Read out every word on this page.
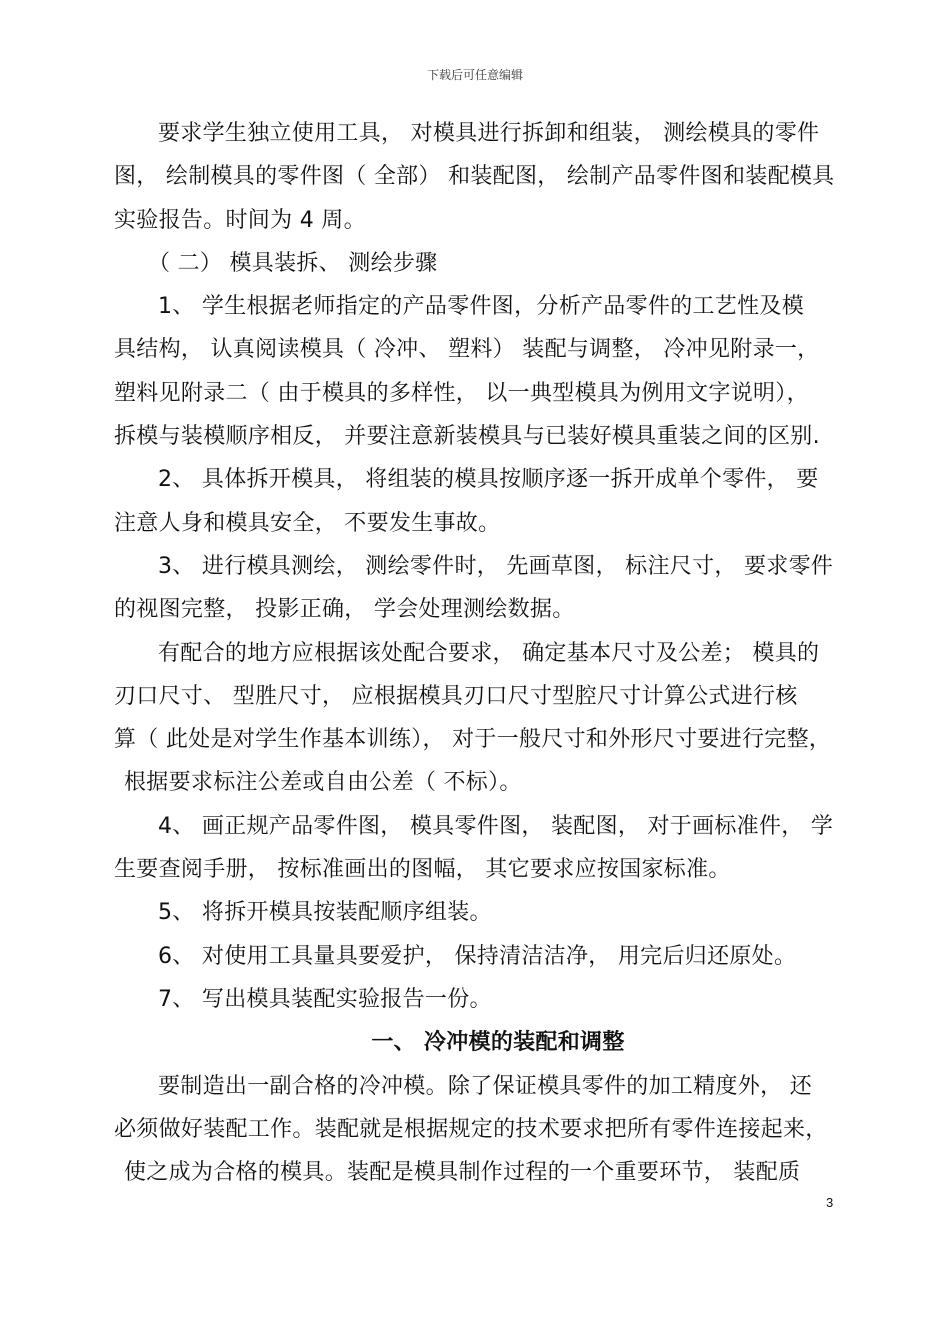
下载后可任意编辑

要求学生独立使用工具， 对模具进行拆卸和组装， 测绘模具的零件

图， 绘制模具的零件图（ 全部） 和装配图， 绘制产品零件图和装配模具

实验报告。时间为 4 周。

（ 二） 模具装拆、 测绘步骤

1、 学生根据老师指定的产品零件图，分析产品零件的工艺性及模

具结构， 认真阅读模具（ 冷冲、 塑料） 装配与调整， 冷冲见附录一，

塑料见附录二（ 由于模具的多样性， 以一典型模具为例用文字说明），

拆模与装模顺序相反， 并要注意新装模具与已装好模具重装之间的区别.

2、 具体拆开模具， 将组装的模具按顺序逐一拆开成单个零件， 要

注意人身和模具安全， 不要发生事故。

3、 进行模具测绘， 测绘零件时， 先画草图， 标注尺寸， 要求零件

的视图完整， 投影正确， 学会处理测绘数据。

有配合的地方应根据该处配合要求， 确定基本尺寸及公差； 模具的

刃口尺寸、 型胜尺寸， 应根据模具刃口尺寸型腔尺寸计算公式进行核

算（ 此处是对学生作基本训练）， 对于一般尺寸和外形尺寸要进行完整，

根据要求标注公差或自由公差（ 不标）。

4、 画正规产品零件图， 模具零件图， 装配图， 对于画标准件， 学

生要查阅手册， 按标准画出的图幅， 其它要求应按国家标准。

5、 将拆开模具按装配顺序组装。

6、 对使用工具量具要爱护， 保持清洁洁净， 用完后归还原处。

7、 写出模具装配实验报告一份。

一、 冷冲模的装配和调整

要制造出一副合格的冷冲模。除了保证模具零件的加工精度外， 还

必须做好装配工作。装配就是根据规定的技术要求把所有零件连接起来，

使之成为合格的模具。装配是模具制作过程的一个重要环节， 装配质

3
